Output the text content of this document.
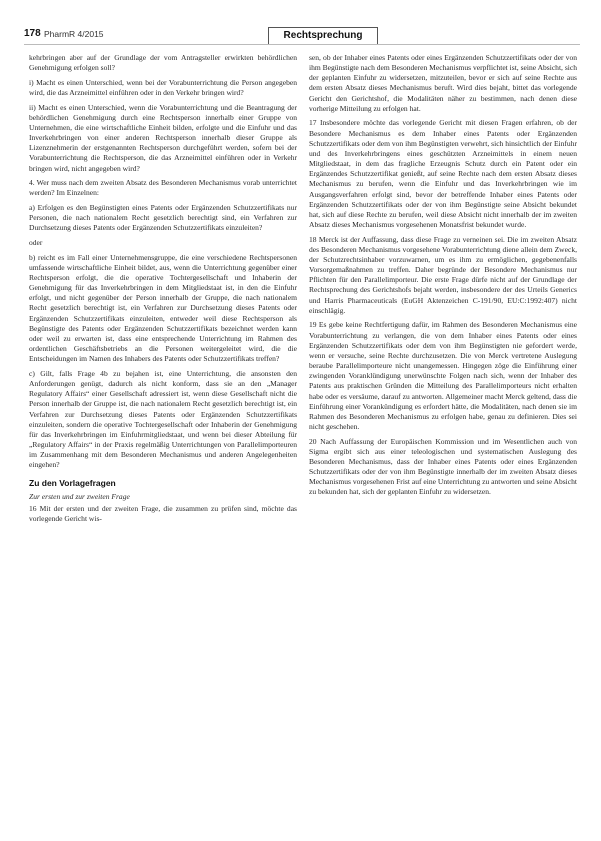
178 PharmR 4/2015	Rechtsprechung

kehrbringen aber auf der Grundlage der vom Antragsteller erwirkten behördlichen Genehmigung erfolgen soll?

i) Macht es einen Unterschied, wenn bei der Vorabunterrichtung die Person angegeben wird, die das Arzneimittel einführen oder in den Verkehr bringen wird?

ii) Macht es einen Unterschied, wenn die Vorabunterrichtung und die Beantragung der behördlichen Genehmigung durch eine Rechtsperson innerhalb einer Gruppe von Unternehmen, die eine wirtschaftliche Einheit bilden, erfolgte und die Einfuhr und das Inverkehrbringen von einer anderen Rechtsperson innerhalb dieser Gruppe als Lizenznehmerin der erstgenannten Rechtsperson durchgeführt werden, sofern bei der Vorabunterrichtung die Rechtsperson, die das Arzneimittel einführen oder in Verkehr bringen wird, nicht angegeben wird?

4. Wer muss nach dem zweiten Absatz des Besonderen Mechanismus vorab unterrichtet werden? Im Einzelnen:

a) Erfolgen es den Begünstigten eines Patents oder Ergänzenden Schutzzertifikats nur Personen, die nach nationalem Recht gesetzlich berechtigt sind, ein Verfahren zur Durchsetzung dieses Patents oder Ergänzenden Schutzzertifikats einzuleiten?

oder

b) reicht es im Fall einer Unternehmensgruppe, die eine verschiedene Rechtspersonen umfassende wirtschaftliche Einheit bildet, aus, wenn die Unterrichtung gegenüber einer Rechtsperson erfolgt, die die operative Tochtergesellschaft und Inhaberin der Genehmigung für das Inverkehrbringen in dem Mitgliedstaat ist, in den die Einfuhr erfolgt, und nicht gegenüber der Person innerhalb der Gruppe, die nach nationalem Recht gesetzlich berechtigt ist, ein Verfahren zur Durchsetzung dieses Patents oder Ergänzenden Schutzzertifikats einzuleiten, entweder weil diese Rechtsperson als Begünstigte des Patents oder Ergänzenden Schutzzertifikats bezeichnet werden kann oder weil zu erwarten ist, dass eine entsprechende Unterrichtung im Rahmen des ordentlichen Geschäftsbetriebs an die Personen weitergeleitet wird, die die Entscheidungen im Namen des Inhabers des Patents oder Schutzzertifikats treffen?

c) Gilt, falls Frage 4b zu bejahen ist, eine Unterrichtung, die ansonsten den Anforderungen genügt, dadurch als nicht konform, dass sie an den „Manager Regulatory Affairs“ einer Gesellschaft adressiert ist, wenn diese Gesellschaft nicht die Person innerhalb der Gruppe ist, die nach nationalem Recht gesetzlich berechtigt ist, ein Verfahren zur Durchsetzung dieses Patents oder Ergänzenden Schutzzertifikats einzuleiten, sondern die operative Tochtergesellschaft oder Inhaberin der Genehmigung für das Inverkehrbringen im Einfuhrmitgliedstaat, und wenn bei dieser Abteilung für „Regulatory Affairs“ in der Praxis regelmäßig Unterrichtungen von Parallelimporteuren im Zusammenhang mit dem Besonderen Mechanismus und anderen Angelegenheiten eingehen?

Zu den Vorlagefragen
Zur ersten und zur zweiten Frage

16 Mit der ersten und der zweiten Frage, die zusammen zu prüfen sind, möchte das vorlegende Gericht wis-

sen, ob der Inhaber eines Patents oder eines Ergänzenden Schutzzertifikats oder der von ihm Begünstigte nach dem Besonderen Mechanismus verpflichtet ist, seine Absicht, sich der geplanten Einfuhr zu widersetzen, mitzuteilen, bevor er sich auf seine Rechte aus dem ersten Absatz dieses Mechanismus beruft. Wird dies bejaht, bittet das vorlegende Gericht den Gerichtshof, die Modalitäten näher zu bestimmen, nach denen diese vorherige Mitteilung zu erfolgen hat.

17 Insbesondere möchte das vorlegende Gericht mit diesen Fragen erfahren, ob der Besondere Mechanismus es dem Inhaber eines Patents oder Ergänzenden Schutzzertifikats oder dem von ihm Begünstigten verwehrt, sich hinsichtlich der Einfuhr und des Inverkehrbringens eines geschützten Arzneimittels in einem neuen Mitgliedstaat, in dem das fragliche Erzeugnis Schutz durch ein Patent oder ein Ergänzendes Schutzzertifikat genießt, auf seine Rechte nach dem ersten Absatz dieses Mechanismus zu berufen, wenn die Einfuhr und das Inverkehrbringen wie im Ausgangsverfahren erfolgt sind, bevor der betreffende Inhaber eines Patents oder Ergänzenden Schutzzertifikats oder der von ihm Begünstigte seine Absicht bekundet hat, sich auf diese Rechte zu berufen, weil diese Absicht nicht innerhalb der im zweiten Absatz dieses Mechanismus vorgesehenen Monatsfrist bekundet wurde.

18 Merck ist der Auffassung, dass diese Frage zu verneinen sei. Die im zweiten Absatz des Besonderen Mechanismus vorgesehene Vorabunterrichtung diene allein dem Zweck, der Schutzrechtsinhaber vorzuwarnen, um es ihm zu ermöglichen, gegebenenfalls Vorsorgemaßnahmen zu treffen. Daher begründe der Besondere Mechanismus nur Pflichten für den Parallelimporteur. Die erste Frage dürfe nicht auf der Grundlage der Rechtsprechung des Gerichtshofs bejaht werden, insbesondere der des Urteils Generics und Harris Pharmaceuticals (EuGH Aktenzeichen C-191/90, EU:C:1992:407) nicht einschlägig.

19 Es gebe keine Rechtfertigung dafür, im Rahmen des Besonderen Mechanismus eine Vorabunterrichtung zu verlangen, die von dem Inhaber eines Patents oder eines Ergänzenden Schutzzertifikats oder dem von ihm Begünstigten nie gefordert werde, wenn er versuche, seine Rechte durchzusetzen. Die von Merck vertretene Auslegung beraube Parallelimporteure nicht unangemessen. Hingegen zöge die Einführung einer zwingenden Voranklündigung unerwünschte Folgen nach sich, wenn der Inhaber des Patents aus praktischen Gründen die Mitteilung des Parallelimporteurs nicht erhalten habe oder es versäume, darauf zu antworten. Allgemeiner macht Merck geltend, dass die Einführung einer Vorankündigung es erfordert hätte, die Modalitäten, nach denen sie im Rahmen des Besonderen Mechanismus zu erfolgen habe, genau zu definieren. Dies sei nicht geschehen.

20 Nach Auffassung der Europäischen Kommission und im Wesentlichen auch von Sigma ergibt sich aus einer teleologischen und systematischen Auslegung des Besonderen Mechanismus, dass der Inhaber eines Patents oder eines Ergänzenden Schutzzertifikats oder der von ihm Begünstigte innerhalb der im zweiten Absatz dieses Mechanismus vorgesehenen Frist auf eine Unterrichtung zu antworten und seine Absicht zu bekunden hat, sich der geplanten Einfuhr zu widersetzen.
